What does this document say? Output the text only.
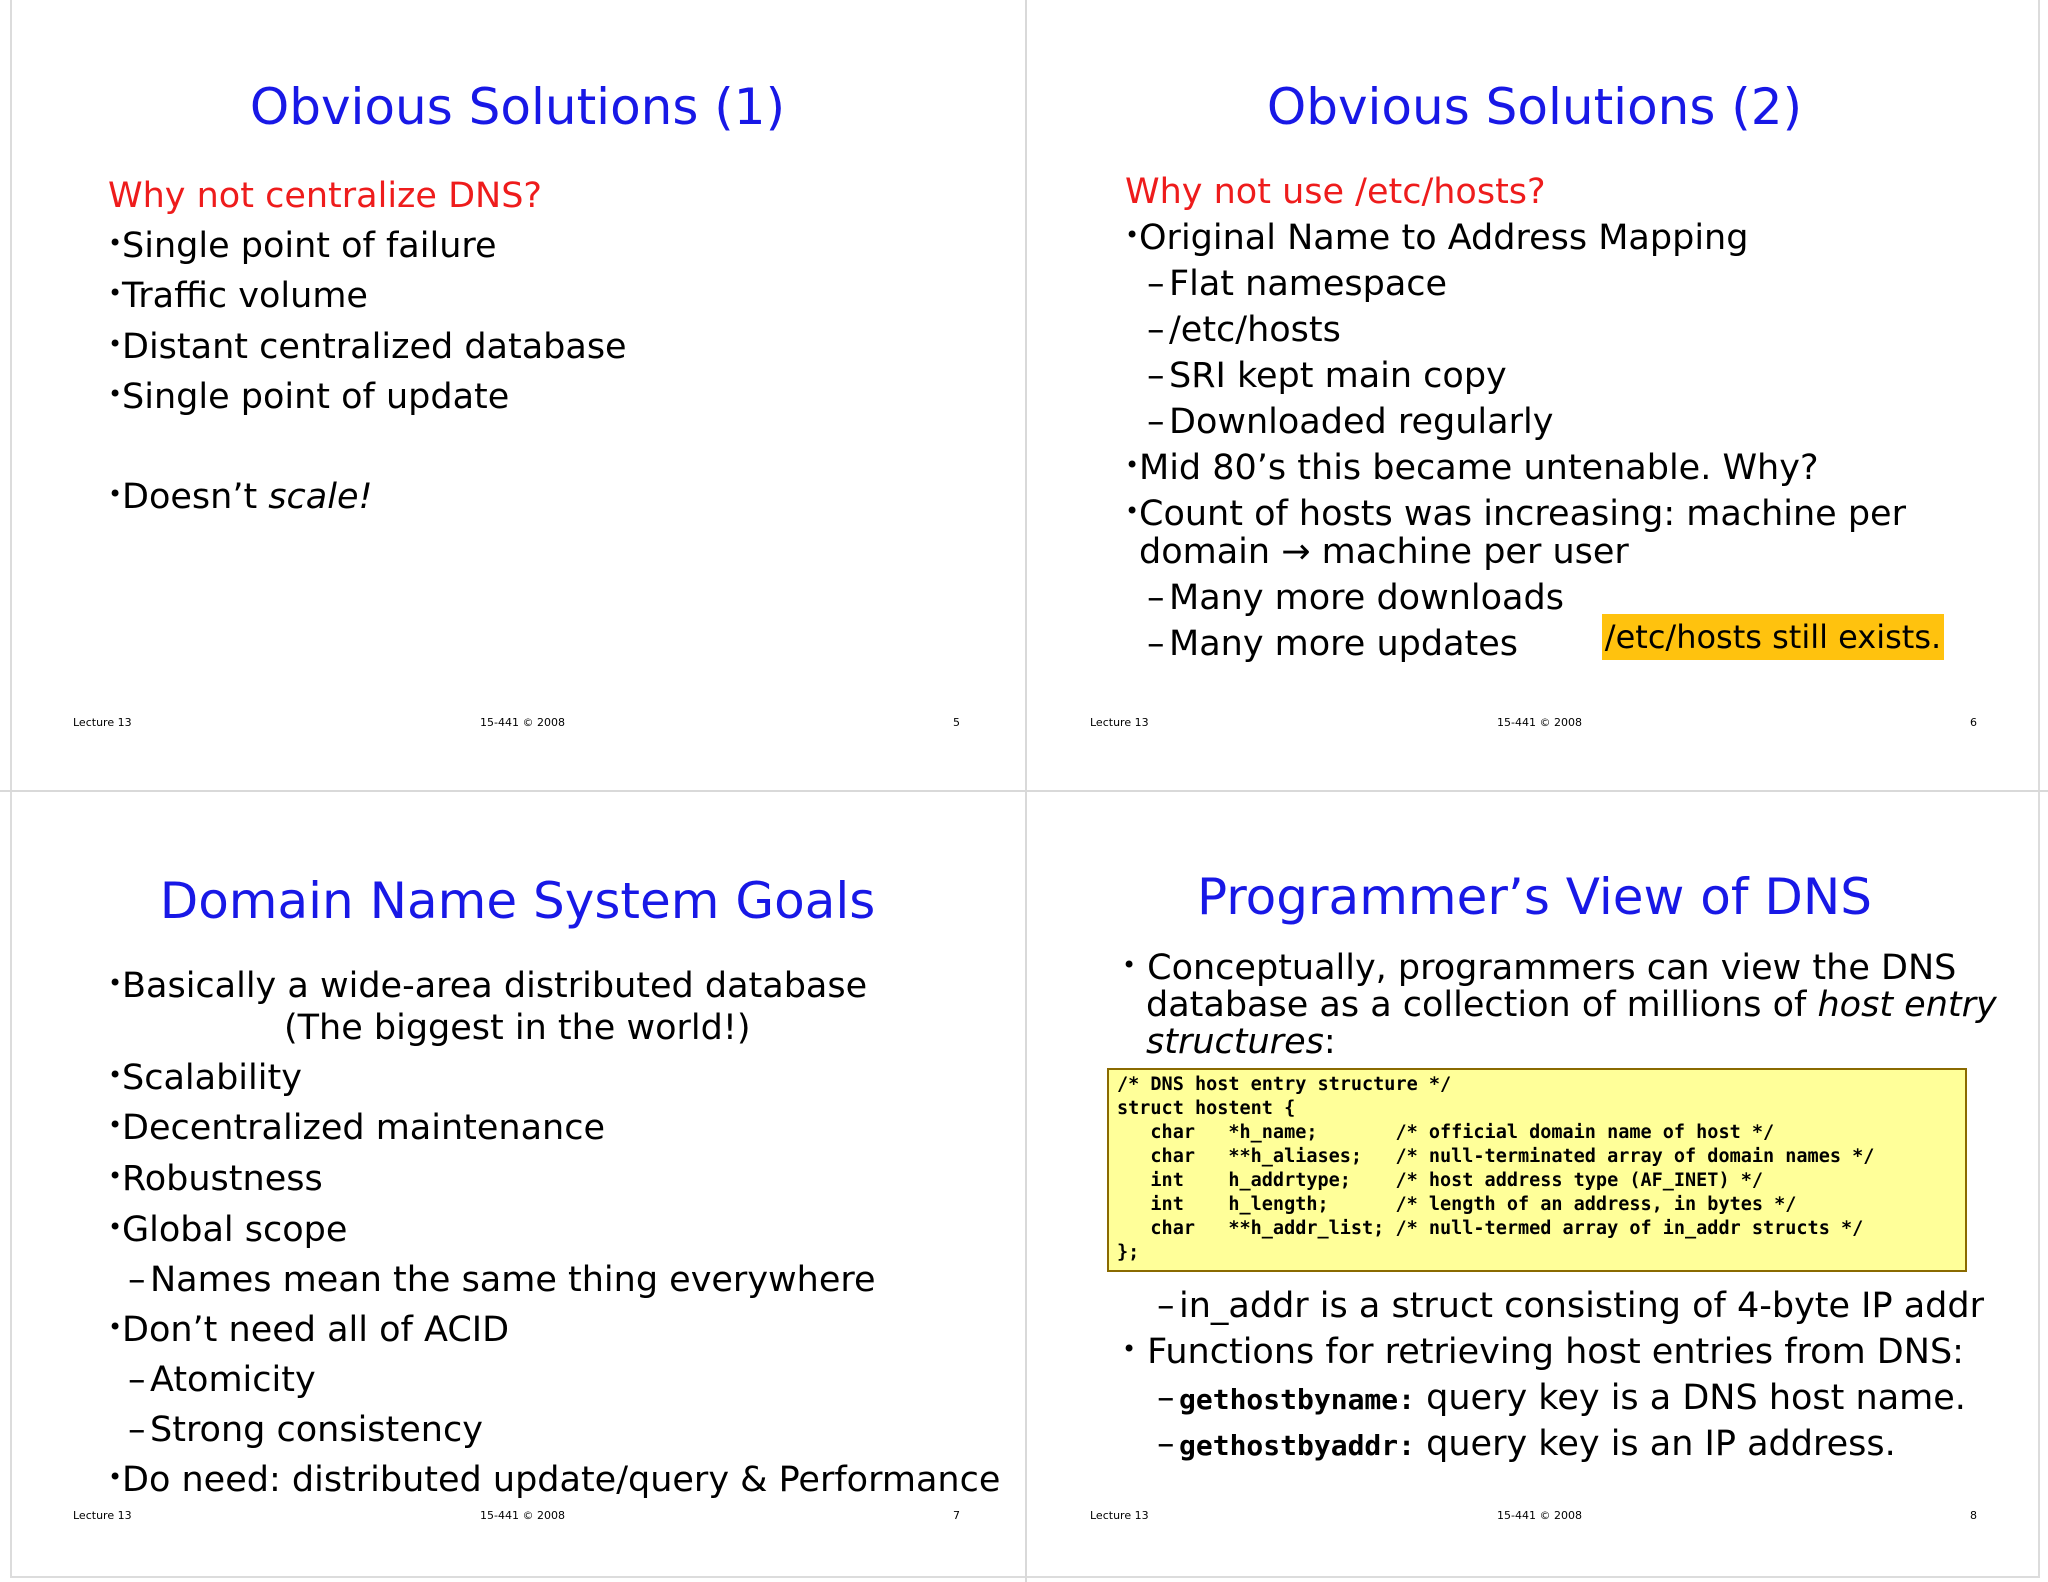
Obvious Solutions (1)
Why not centralize DNS?
•Single point of failure
•Traffic volume
•Distant centralized database
•Single point of update
•Doesn’t scale!
Lecture 13	15-441 © 2008	5
Obvious Solutions (2)
Why not use /etc/hosts?
•Original Name to Address Mapping
– Flat namespace
– /etc/hosts
– SRI kept main copy
– Downloaded regularly
•Mid 80’s this became untenable. Why?
•Count of hosts was increasing: machine per
domain → machine per user
– Many more downloads
– Many more updates	/etc/hosts still exists.
Lecture 13	15-441 © 2008	6
Domain Name System Goals
•Basically a wide-area distributed database
(The biggest in the world!)
•Scalability
•Decentralized maintenance
•Robustness
•Global scope
– Names mean the same thing everywhere
•Don’t need all of ACID
– Atomicity
– Strong consistency
•Do need: distributed update/query & Performance
Lecture 13	15-441 © 2008	7
Programmer’s View of DNS
• Conceptually, programmers can view the DNS
database as a collection of millions of host entry
structures:
/* DNS host entry structure */
struct hostent {
char   *h_name;       /* official domain name of host */
char   **h_aliases;   /* null-terminated array of domain names */
int    h_addrtype;    /* host address type (AF_INET) */
int    h_length;      /* length of an address, in bytes */
char   **h_addr_list; /* null-termed array of in_addr structs */
};
– in_addr is a struct consisting of 4-byte IP addr
• Functions for retrieving host entries from DNS:
– gethostbyname: query key is a DNS host name.
– gethostbyaddr: query key is an IP address.
Lecture 13	15-441 © 2008	8
